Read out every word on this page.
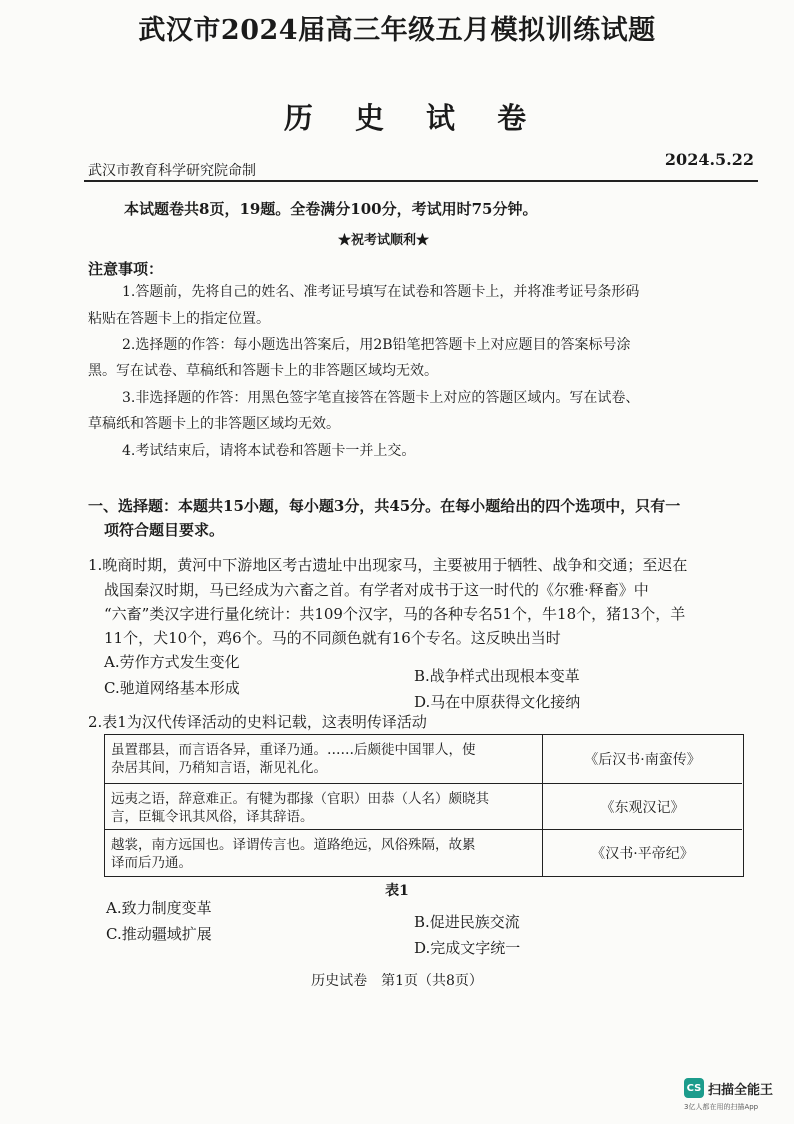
武汉市2024届高三年级五月模拟训练试题
历 史 试 卷
武汉市教育科学研究院命制
2024.5.22
本试题卷共8页，19题。全卷满分100分，考试用时75分钟。
★祝考试顺利★
注意事项：
1.答题前，先将自己的姓名、准考证号填写在试卷和答题卡上，并将准考证号条形码
粘贴在答题卡上的指定位置。
2.选择题的作答：每小题选出答案后，用2B铅笔把答题卡上对应题目的答案标号涂
黑。写在试卷、草稿纸和答题卡上的非答题区域均无效。
3.非选择题的作答：用黑色签字笔直接答在答题卡上对应的答题区域内。写在试卷、
草稿纸和答题卡上的非答题区域均无效。
4.考试结束后，请将本试卷和答题卡一并上交。
一、选择题：本题共15小题，每小题3分，共45分。在每小题给出的四个选项中，只有一
项符合题目要求。
1.晚商时期，黄河中下游地区考古遗址中出现家马，主要被用于牺牲、战争和交通；至迟在
战国秦汉时期，马已经成为六畜之首。有学者对成书于这一时代的《尔雅·释畜》中
“六畜”类汉字进行量化统计：共109个汉字，马的各种专名51个，牛18个，猪13个，羊
11个，犬10个，鸡6个。马的不同颜色就有16个专名。这反映出当时
A.劳作方式发生变化
B.战争样式出现根本变革
C.驰道网络基本形成
D.马在中原获得文化接纳
2.表1为汉代传译活动的史料记载，这表明传译活动
虽置郡县，而言语各异，重译乃通。……后颇徙中国罪人，使
杂居其间，乃稍知言语，渐见礼化。	《后汉书·南蛮传》
远夷之语，辞意难正。有犍为郡掾（官职）田恭（人名）颇晓其
言，臣辄令讯其风俗，译其辞语。
《东观汉记》
越裳，南方远国也。译谓传言也。道路绝远，风俗殊隔，故累
译而后乃通。
《汉书·平帝纪》
表1
A.致力制度变革
B.促进民族交流
C.推动疆域扩展
D.完成文字统一
历史试卷　第1页（共8页）
CS 扫描全能王
3亿人都在用的扫描App
